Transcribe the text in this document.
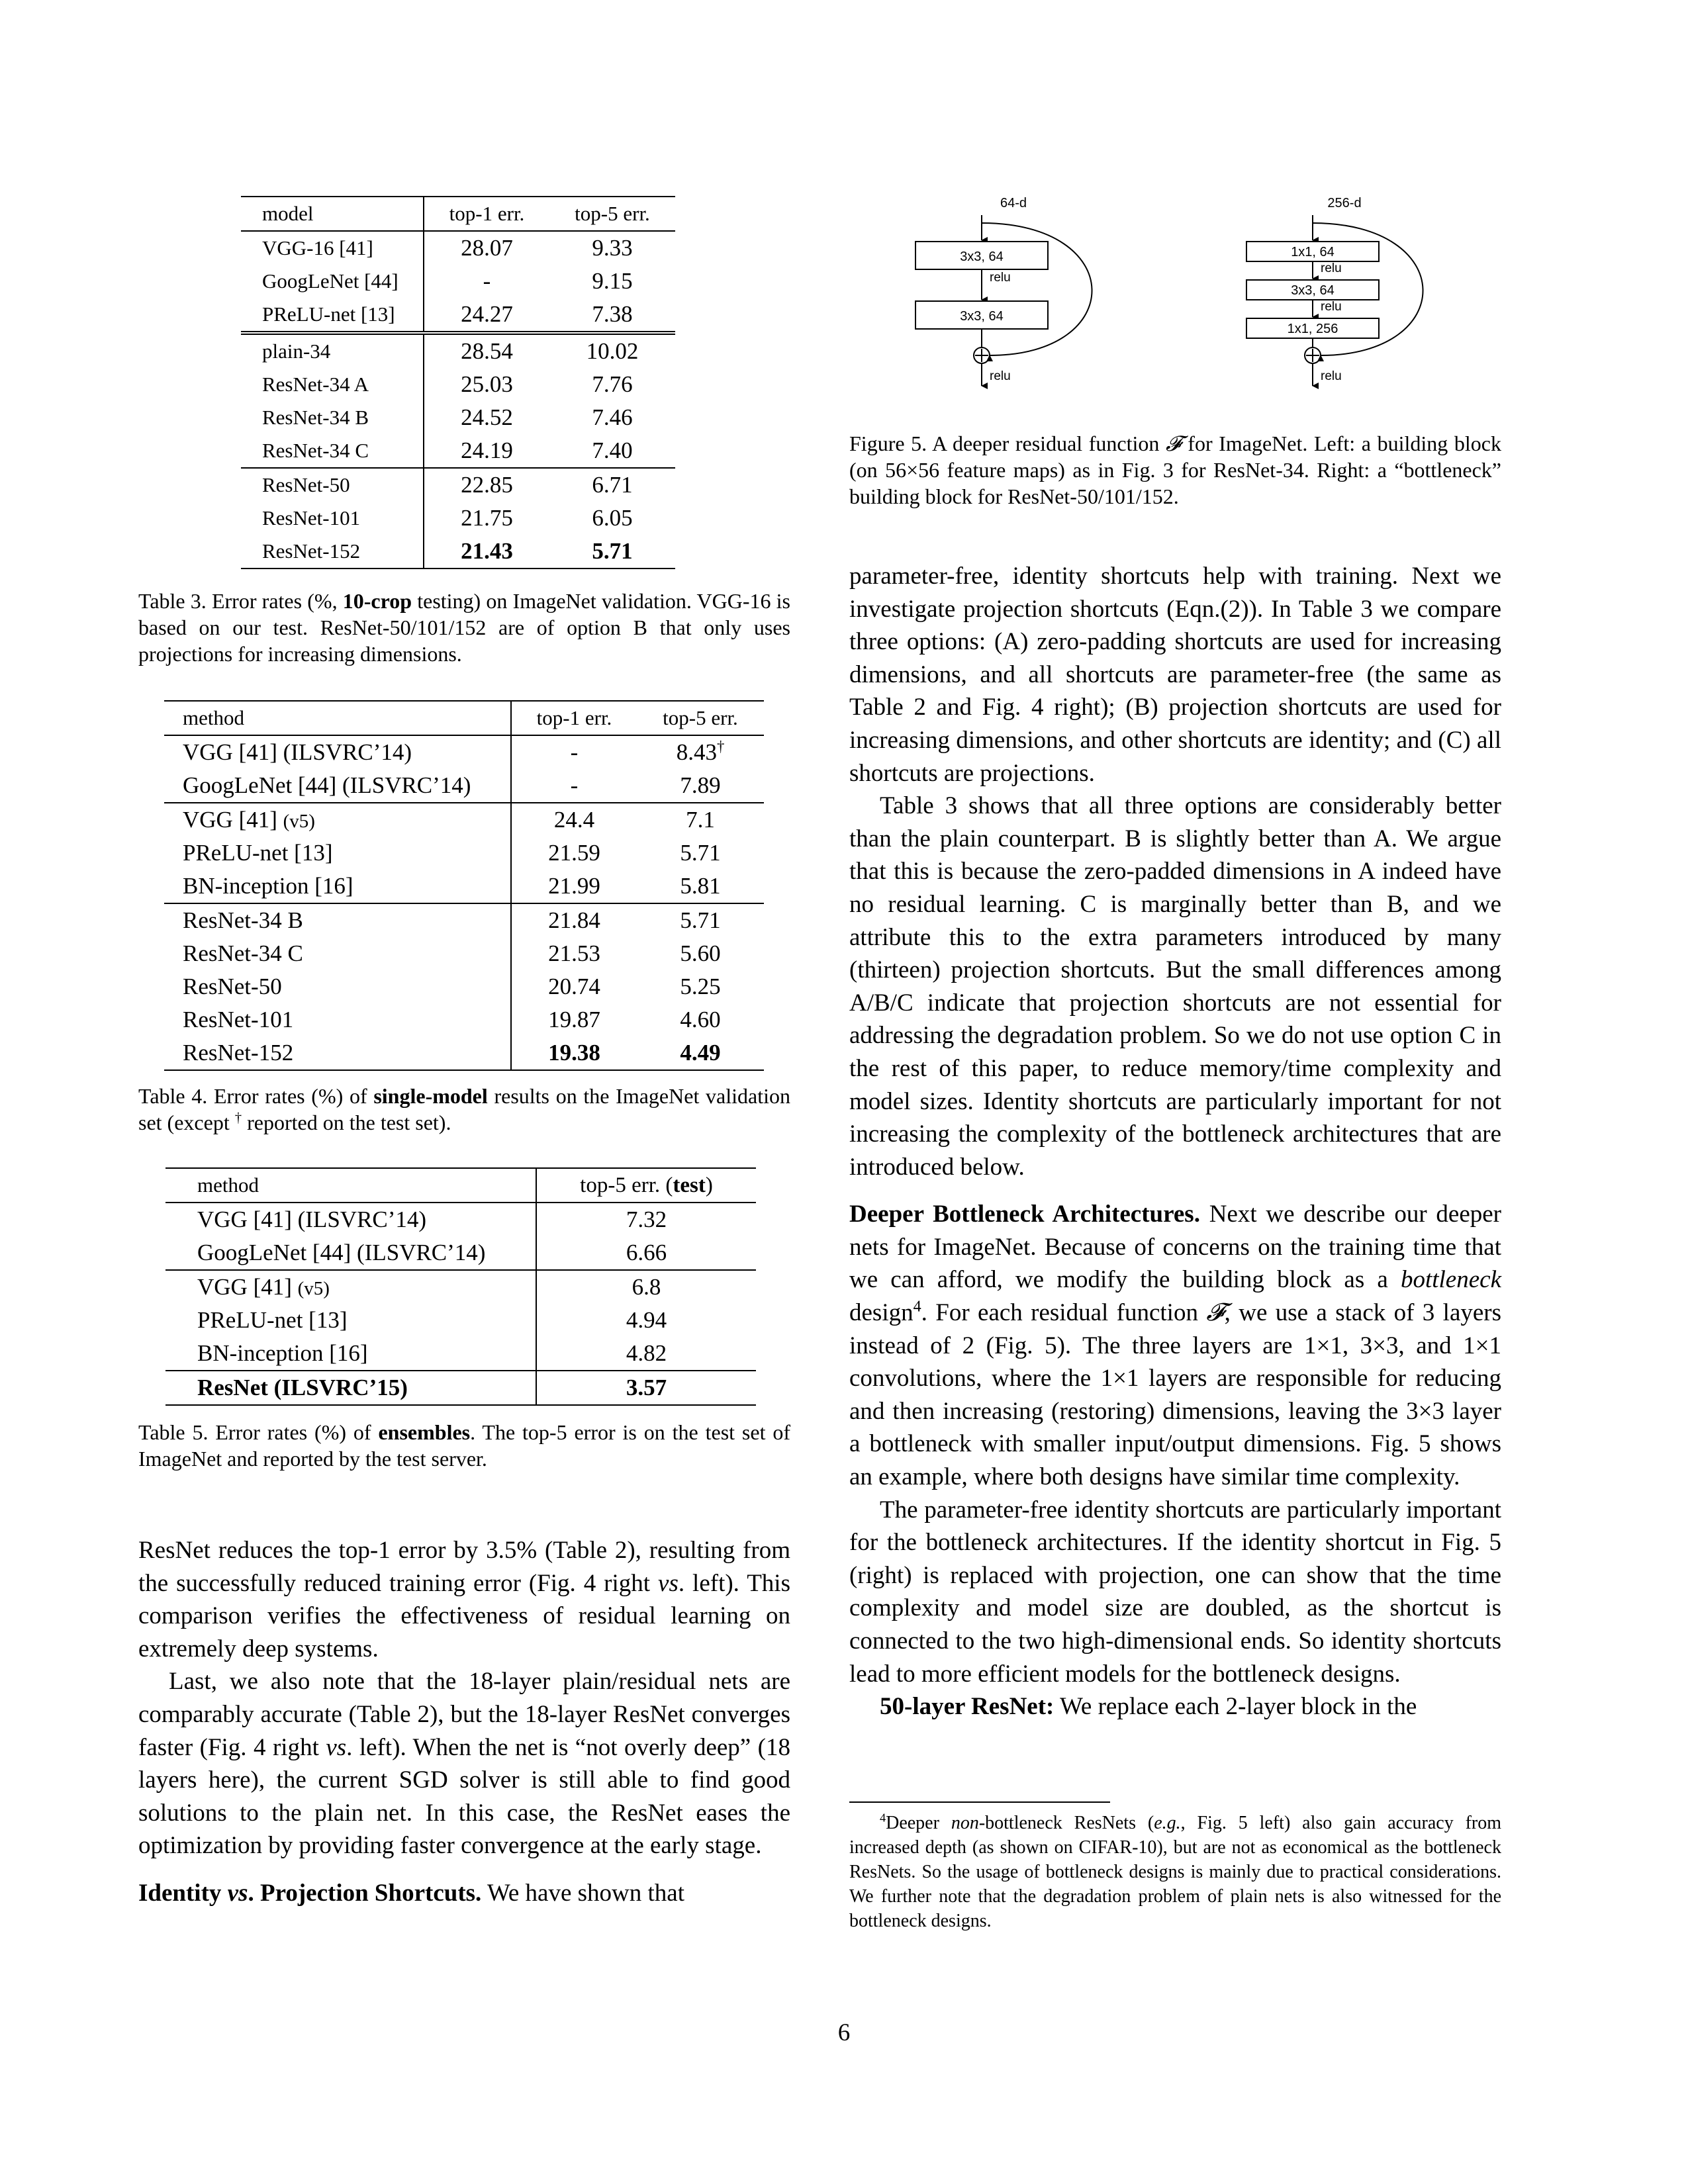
model	top-1 err.	top-5 err.
VGG-16 [41]	28.07	9.33
GoogLeNet [44]	-	9.15
PReLU-net [13]	24.27	7.38
plain-34	28.54	10.02
ResNet-34 A	25.03	7.76
ResNet-34 B	24.52	7.46
ResNet-34 C	24.19	7.40
ResNet-50	22.85	6.71
ResNet-101	21.75	6.05
ResNet-152	21.43	5.71

Table 3. Error rates (%, 10-crop testing) on ImageNet validation. VGG-16 is based on our test. ResNet-50/101/152 are of option B that only uses projections for increasing dimensions.

method	top-1 err.	top-5 err.
VGG [41] (ILSVRC’14)	-	8.43†
GoogLeNet [44] (ILSVRC’14)	-	7.89
VGG [41] (v5)	24.4	7.1
PReLU-net [13]	21.59	5.71
BN-inception [16]	21.99	5.81
ResNet-34 B	21.84	5.71
ResNet-34 C	21.53	5.60
ResNet-50	20.74	5.25
ResNet-101	19.87	4.60
ResNet-152	19.38	4.49

Table 4. Error rates (%) of single-model results on the ImageNet validation set (except † reported on the test set).

method	top-5 err. (test)
VGG [41] (ILSVRC’14)	7.32
GoogLeNet [44] (ILSVRC’14)	6.66
VGG [41] (v5)	6.8
PReLU-net [13]	4.94
BN-inception [16]	4.82
ResNet (ILSVRC’15)	3.57

Table 5. Error rates (%) of ensembles. The top-5 error is on the test set of ImageNet and reported by the test server.

ResNet reduces the top-1 error by 3.5% (Table 2), resulting from the successfully reduced training error (Fig. 4 right vs. left). This comparison verifies the effectiveness of residual learning on extremely deep systems.

Last, we also note that the 18-layer plain/residual nets are comparably accurate (Table 2), but the 18-layer ResNet converges faster (Fig. 4 right vs. left). When the net is “not overly deep” (18 layers here), the current SGD solver is still able to find good solutions to the plain net. In this case, the ResNet eases the optimization by providing faster convergence at the early stage.

Identity vs. Projection Shortcuts. We have shown that

64-d
3x3, 64
relu
3x3, 64
relu
256-d
1x1, 64
relu
3x3, 64
relu
1x1, 256
relu

Figure 5. A deeper residual function 𝓕 for ImageNet. Left: a building block (on 56×56 feature maps) as in Fig. 3 for ResNet-34. Right: a “bottleneck” building block for ResNet-50/101/152.

parameter-free, identity shortcuts help with training. Next we investigate projection shortcuts (Eqn.(2)). In Table 3 we compare three options: (A) zero-padding shortcuts are used for increasing dimensions, and all shortcuts are parameter-free (the same as Table 2 and Fig. 4 right); (B) projection shortcuts are used for increasing dimensions, and other shortcuts are identity; and (C) all shortcuts are projections.

Table 3 shows that all three options are considerably better than the plain counterpart. B is slightly better than A. We argue that this is because the zero-padded dimensions in A indeed have no residual learning. C is marginally better than B, and we attribute this to the extra parameters introduced by many (thirteen) projection shortcuts. But the small differences among A/B/C indicate that projection shortcuts are not essential for addressing the degradation problem. So we do not use option C in the rest of this paper, to reduce memory/time complexity and model sizes. Identity shortcuts are particularly important for not increasing the complexity of the bottleneck architectures that are introduced below.

Deeper Bottleneck Architectures. Next we describe our deeper nets for ImageNet. Because of concerns on the training time that we can afford, we modify the building block as a bottleneck design$^4$. For each residual function 𝓕, we use a stack of 3 layers instead of 2 (Fig. 5). The three layers are 1×1, 3×3, and 1×1 convolutions, where the 1×1 layers are responsible for reducing and then increasing (restoring) dimensions, leaving the 3×3 layer a bottleneck with smaller input/output dimensions. Fig. 5 shows an example, where both designs have similar time complexity.

The parameter-free identity shortcuts are particularly important for the bottleneck architectures. If the identity shortcut in Fig. 5 (right) is replaced with projection, one can show that the time complexity and model size are doubled, as the shortcut is connected to the two high-dimensional ends. So identity shortcuts lead to more efficient models for the bottleneck designs.

50-layer ResNet: We replace each 2-layer block in the

$^4$Deeper non-bottleneck ResNets (e.g., Fig. 5 left) also gain accuracy from increased depth (as shown on CIFAR-10), but are not as economical as the bottleneck ResNets. So the usage of bottleneck designs is mainly due to practical considerations. We further note that the degradation problem of plain nets is also witnessed for the bottleneck designs.

6
